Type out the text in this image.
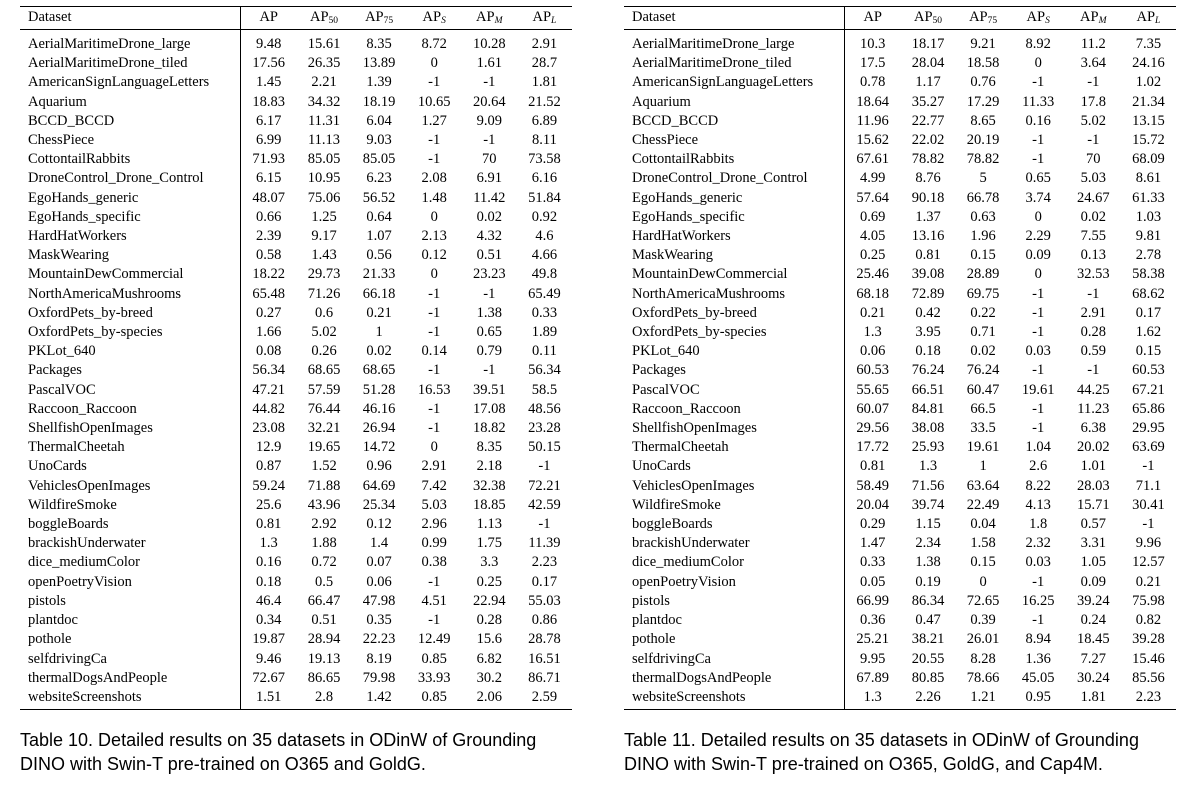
Dataset	AP	$AP_{50}$	$AP_{75}$	$AP_S$	$AP_M$	$AP_L$
AerialMaritimeDrone_large	9.48	15.61	8.35	8.72	10.28	2.91
AerialMaritimeDrone_tiled	17.56	26.35	13.89	0	1.61	28.7
AmericanSignLanguageLetters	1.45	2.21	1.39	-1	-1	1.81
Aquarium	18.83	34.32	18.19	10.65	20.64	21.52
BCCD_BCCD	6.17	11.31	6.04	1.27	9.09	6.89
ChessPiece	6.99	11.13	9.03	-1	-1	8.11
CottontailRabbits	71.93	85.05	85.05	-1	70	73.58
DroneControl_Drone_Control	6.15	10.95	6.23	2.08	6.91	6.16
EgoHands_generic	48.07	75.06	56.52	1.48	11.42	51.84
EgoHands_specific	0.66	1.25	0.64	0	0.02	0.92
HardHatWorkers	2.39	9.17	1.07	2.13	4.32	4.6
MaskWearing	0.58	1.43	0.56	0.12	0.51	4.66
MountainDewCommercial	18.22	29.73	21.33	0	23.23	49.8
NorthAmericaMushrooms	65.48	71.26	66.18	-1	-1	65.49
OxfordPets_by-breed	0.27	0.6	0.21	-1	1.38	0.33
OxfordPets_by-species	1.66	5.02	1	-1	0.65	1.89
PKLot_640	0.08	0.26	0.02	0.14	0.79	0.11
Packages	56.34	68.65	68.65	-1	-1	56.34
PascalVOC	47.21	57.59	51.28	16.53	39.51	58.5
Raccoon_Raccoon	44.82	76.44	46.16	-1	17.08	48.56
ShellfishOpenImages	23.08	32.21	26.94	-1	18.82	23.28
ThermalCheetah	12.9	19.65	14.72	0	8.35	50.15
UnoCards	0.87	1.52	0.96	2.91	2.18	-1
VehiclesOpenImages	59.24	71.88	64.69	7.42	32.38	72.21
WildfireSmoke	25.6	43.96	25.34	5.03	18.85	42.59
boggleBoards	0.81	2.92	0.12	2.96	1.13	-1
brackishUnderwater	1.3	1.88	1.4	0.99	1.75	11.39
dice_mediumColor	0.16	0.72	0.07	0.38	3.3	2.23
openPoetryVision	0.18	0.5	0.06	-1	0.25	0.17
pistols	46.4	66.47	47.98	4.51	22.94	55.03
plantdoc	0.34	0.51	0.35	-1	0.28	0.86
pothole	19.87	28.94	22.23	12.49	15.6	28.78
selfdrivingCa	9.46	19.13	8.19	0.85	6.82	16.51
thermalDogsAndPeople	72.67	86.65	79.98	33.93	30.2	86.71
websiteScreenshots	1.51	2.8	1.42	0.85	2.06	2.59
Table 10. Detailed results on 35 datasets in ODinW of Grounding DINO with Swin-T pre-trained on O365 and GoldG.
Dataset	AP	$AP_{50}$	$AP_{75}$	$AP_S$	$AP_M$	$AP_L$
AerialMaritimeDrone_large	10.3	18.17	9.21	8.92	11.2	7.35
AerialMaritimeDrone_tiled	17.5	28.04	18.58	0	3.64	24.16
AmericanSignLanguageLetters	0.78	1.17	0.76	-1	-1	1.02
Aquarium	18.64	35.27	17.29	11.33	17.8	21.34
BCCD_BCCD	11.96	22.77	8.65	0.16	5.02	13.15
ChessPiece	15.62	22.02	20.19	-1	-1	15.72
CottontailRabbits	67.61	78.82	78.82	-1	70	68.09
DroneControl_Drone_Control	4.99	8.76	5	0.65	5.03	8.61
EgoHands_generic	57.64	90.18	66.78	3.74	24.67	61.33
EgoHands_specific	0.69	1.37	0.63	0	0.02	1.03
HardHatWorkers	4.05	13.16	1.96	2.29	7.55	9.81
MaskWearing	0.25	0.81	0.15	0.09	0.13	2.78
MountainDewCommercial	25.46	39.08	28.89	0	32.53	58.38
NorthAmericaMushrooms	68.18	72.89	69.75	-1	-1	68.62
OxfordPets_by-breed	0.21	0.42	0.22	-1	2.91	0.17
OxfordPets_by-species	1.3	3.95	0.71	-1	0.28	1.62
PKLot_640	0.06	0.18	0.02	0.03	0.59	0.15
Packages	60.53	76.24	76.24	-1	-1	60.53
PascalVOC	55.65	66.51	60.47	19.61	44.25	67.21
Raccoon_Raccoon	60.07	84.81	66.5	-1	11.23	65.86
ShellfishOpenImages	29.56	38.08	33.5	-1	6.38	29.95
ThermalCheetah	17.72	25.93	19.61	1.04	20.02	63.69
UnoCards	0.81	1.3	1	2.6	1.01	-1
VehiclesOpenImages	58.49	71.56	63.64	8.22	28.03	71.1
WildfireSmoke	20.04	39.74	22.49	4.13	15.71	30.41
boggleBoards	0.29	1.15	0.04	1.8	0.57	-1
brackishUnderwater	1.47	2.34	1.58	2.32	3.31	9.96
dice_mediumColor	0.33	1.38	0.15	0.03	1.05	12.57
openPoetryVision	0.05	0.19	0	-1	0.09	0.21
pistols	66.99	86.34	72.65	16.25	39.24	75.98
plantdoc	0.36	0.47	0.39	-1	0.24	0.82
pothole	25.21	38.21	26.01	8.94	18.45	39.28
selfdrivingCa	9.95	20.55	8.28	1.36	7.27	15.46
thermalDogsAndPeople	67.89	80.85	78.66	45.05	30.24	85.56
websiteScreenshots	1.3	2.26	1.21	0.95	1.81	2.23
Table 11. Detailed results on 35 datasets in ODinW of Grounding DINO with Swin-T pre-trained on O365, GoldG, and Cap4M.
